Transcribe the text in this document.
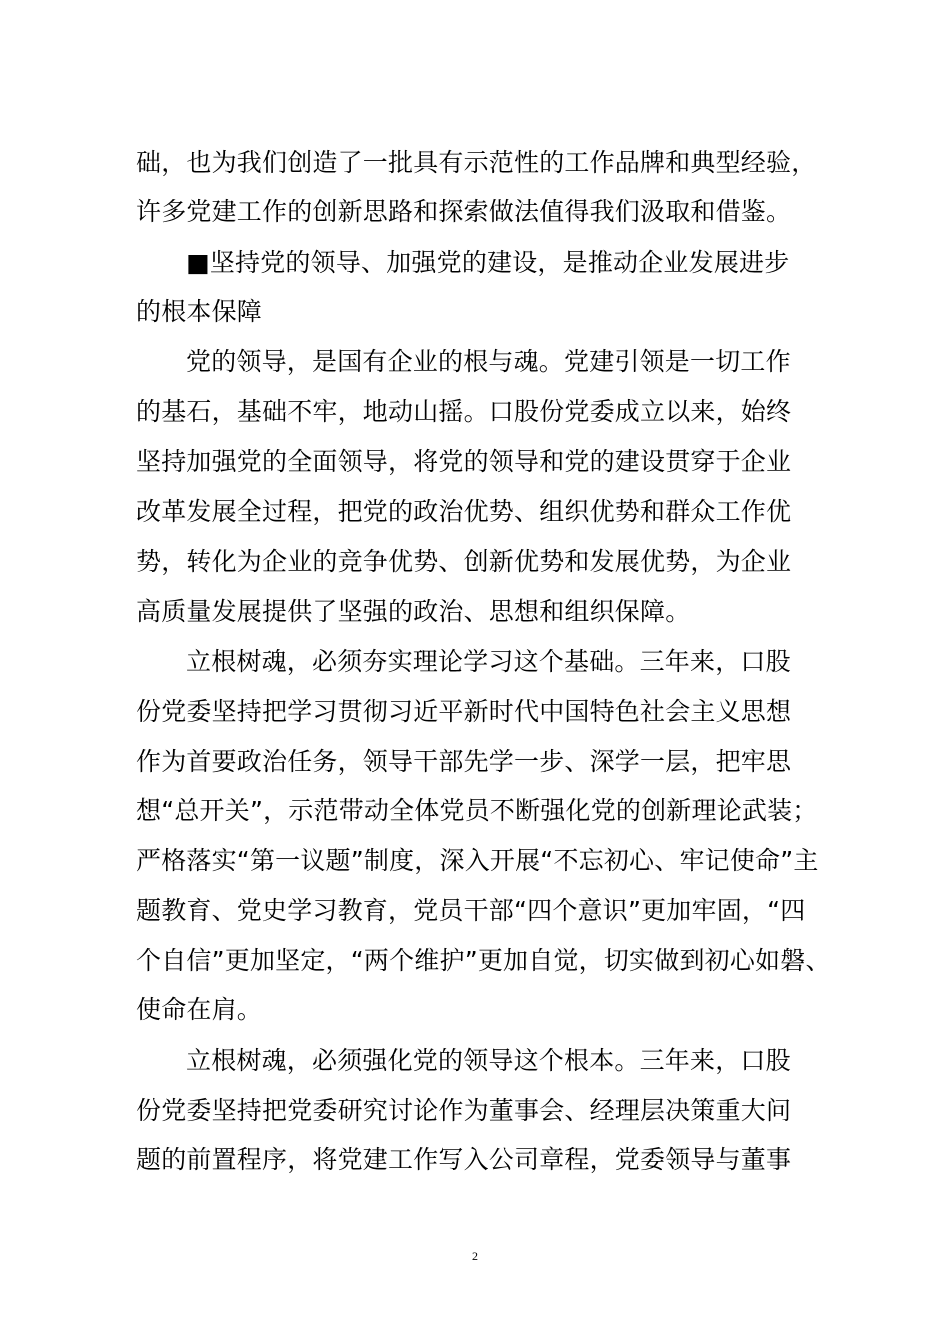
础，也为我们创造了一批具有示范性的工作品牌和典型经验，
许多党建工作的创新思路和探索做法值得我们汲取和借鉴。
■坚持党的领导、加强党的建设，是推动企业发展进步
的根本保障
党的领导，是国有企业的根与魂。党建引领是一切工作
的基石，基础不牢，地动山摇。口股份党委成立以来，始终
坚持加强党的全面领导，将党的领导和党的建设贯穿于企业
改革发展全过程，把党的政治优势、组织优势和群众工作优
势，转化为企业的竞争优势、创新优势和发展优势，为企业
高质量发展提供了坚强的政治、思想和组织保障。
立根树魂，必须夯实理论学习这个基础。三年来，口股
份党委坚持把学习贯彻习近平新时代中国特色社会主义思想
作为首要政治任务，领导干部先学一步、深学一层，把牢思
想“总开关”，示范带动全体党员不断强化党的创新理论武装；
严格落实“第一议题”制度，深入开展“不忘初心、牢记使命”主
题教育、党史学习教育，党员干部“四个意识”更加牢固，“四
个自信”更加坚定，“两个维护”更加自觉，切实做到初心如磐、
使命在肩。
立根树魂，必须强化党的领导这个根本。三年来，口股
份党委坚持把党委研究讨论作为董事会、经理层决策重大问
题的前置程序，将党建工作写入公司章程，党委领导与董事
2
